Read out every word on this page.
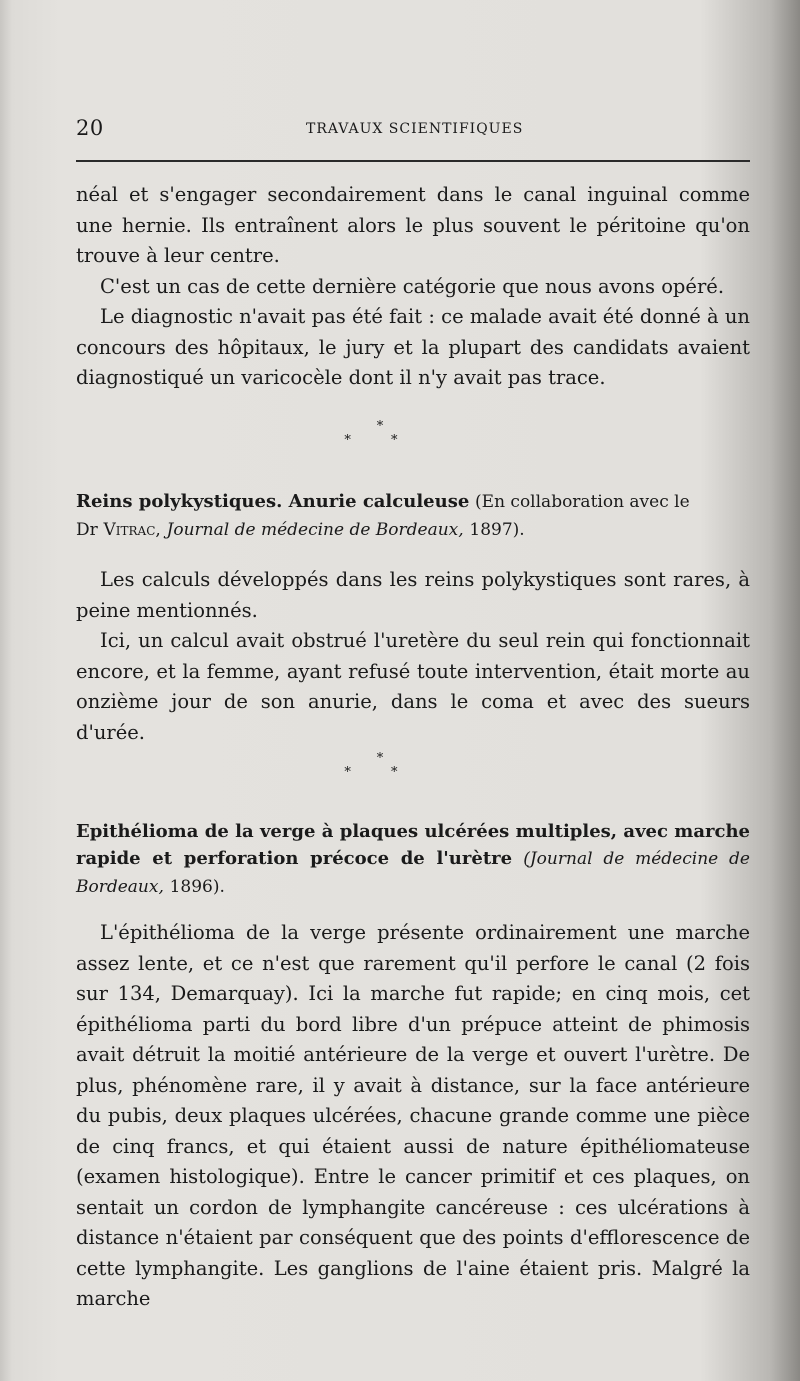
20	TRAVAUX SCIENTIFIQUES

néal et s'engager secondairement dans le canal inguinal comme une hernie. Ils entraînent alors le plus souvent le péritoine qu'on trouve à leur centre.

C'est un cas de cette dernière catégorie que nous avons opéré.

Le diagnostic n'avait pas été fait : ce malade avait été donné à un concours des hôpitaux, le jury et la plupart des candidats avaient diagnostiqué un varicocèle dont il n'y avait pas trace.

*
* *
Reins polykystiques. Anurie calculeuse (En collaboration avec le
Dr Vitrac, Journal de médecine de Bordeaux, 1897).

Les calculs développés dans les reins polykystiques sont rares, à peine mentionnés.

Ici, un calcul avait obstrué l'uretère du seul rein qui fonctionnait encore, et la femme, ayant refusé toute intervention, était morte au onzième jour de son anurie, dans le coma et avec des sueurs d'urée.

*
* *
Epithélioma de la verge à plaques ulcérées multiples, avec marche rapide et perforation précoce de l'urètre (Journal de médecine de Bordeaux, 1896).

L'épithélioma de la verge présente ordinairement une marche assez lente, et ce n'est que rarement qu'il perfore le canal (2 fois sur 134, Demarquay). Ici la marche fut rapide; en cinq mois, cet épithélioma parti du bord libre d'un prépuce atteint de phimosis avait détruit la moitié antérieure de la verge et ouvert l'urètre. De plus, phénomène rare, il y avait à distance, sur la face antérieure du pubis, deux plaques ulcérées, chacune grande comme une pièce de cinq francs, et qui étaient aussi de nature épithéliomateuse (examen histologique). Entre le cancer primitif et ces plaques, on sentait un cordon de lymphangite cancéreuse : ces ulcérations à distance n'étaient par conséquent que des points d'efflorescence de cette lymphangite. Les ganglions de l'aine étaient pris. Malgré la marche
